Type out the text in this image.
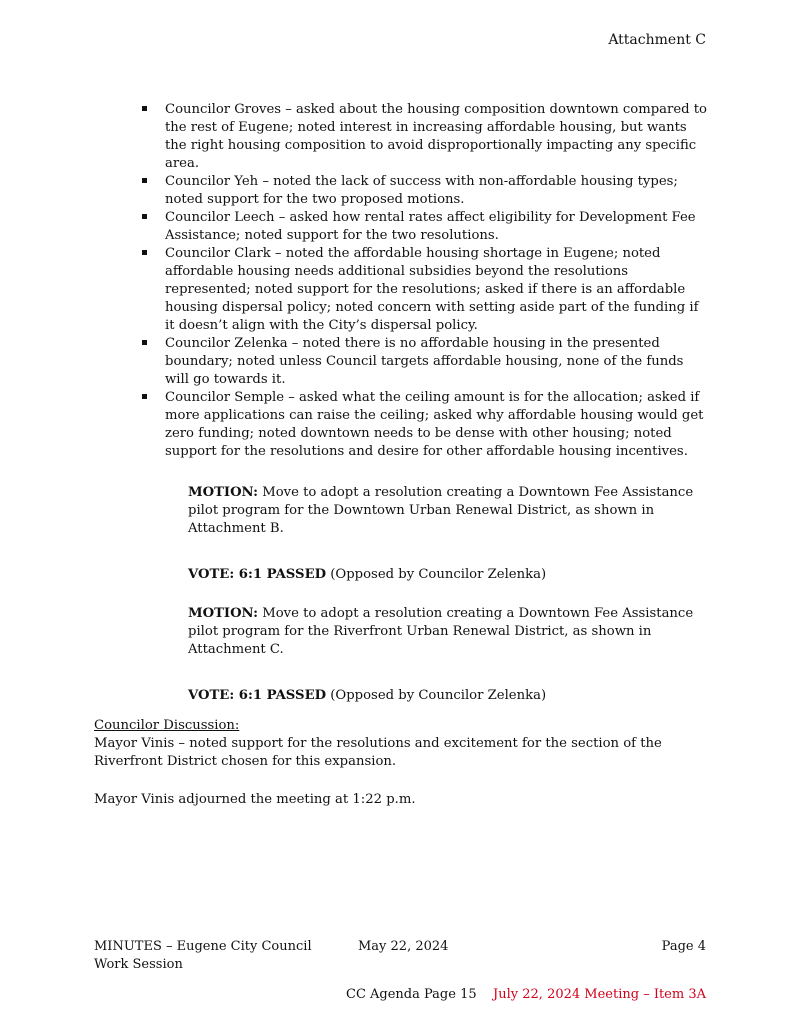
Attachment C
Councilor Groves – asked about the housing composition downtown compared to the rest of Eugene; noted interest in increasing affordable housing, but wants the right housing composition to avoid disproportionally impacting any specific area.
Councilor Yeh – noted the lack of success with non-affordable housing types; noted support for the two proposed motions.
Councilor Leech – asked how rental rates affect eligibility for Development Fee Assistance; noted support for the two resolutions.
Councilor Clark – noted the affordable housing shortage in Eugene; noted affordable housing needs additional subsidies beyond the resolutions represented; noted support for the resolutions; asked if there is an affordable housing dispersal policy; noted concern with setting aside part of the funding if it doesn’t align with the City’s dispersal policy.
Councilor Zelenka – noted there is no affordable housing in the presented boundary; noted unless Council targets affordable housing, none of the funds will go towards it.
Councilor Semple – asked what the ceiling amount is for the allocation; asked if more applications can raise the ceiling; asked why affordable housing would get zero funding; noted downtown needs to be dense with other housing; noted support for the resolutions and desire for other affordable housing incentives.
MOTION: Move to adopt a resolution creating a Downtown Fee Assistance pilot program for the Downtown Urban Renewal District, as shown in Attachment B.
VOTE: 6:1 PASSED (Opposed by Councilor Zelenka)
MOTION: Move to adopt a resolution creating a Downtown Fee Assistance pilot program for the Riverfront Urban Renewal District, as shown in Attachment C.
VOTE: 6:1 PASSED (Opposed by Councilor Zelenka)
Councilor Discussion:
Mayor Vinis – noted support for the resolutions and excitement for the section of the Riverfront District chosen for this expansion.
Mayor Vinis adjourned the meeting at 1:22 p.m.
MINUTES – Eugene City Council
Work Session
May 22, 2024	Page 4
CC Agenda Page 15 July 22, 2024 Meeting – Item 3A
